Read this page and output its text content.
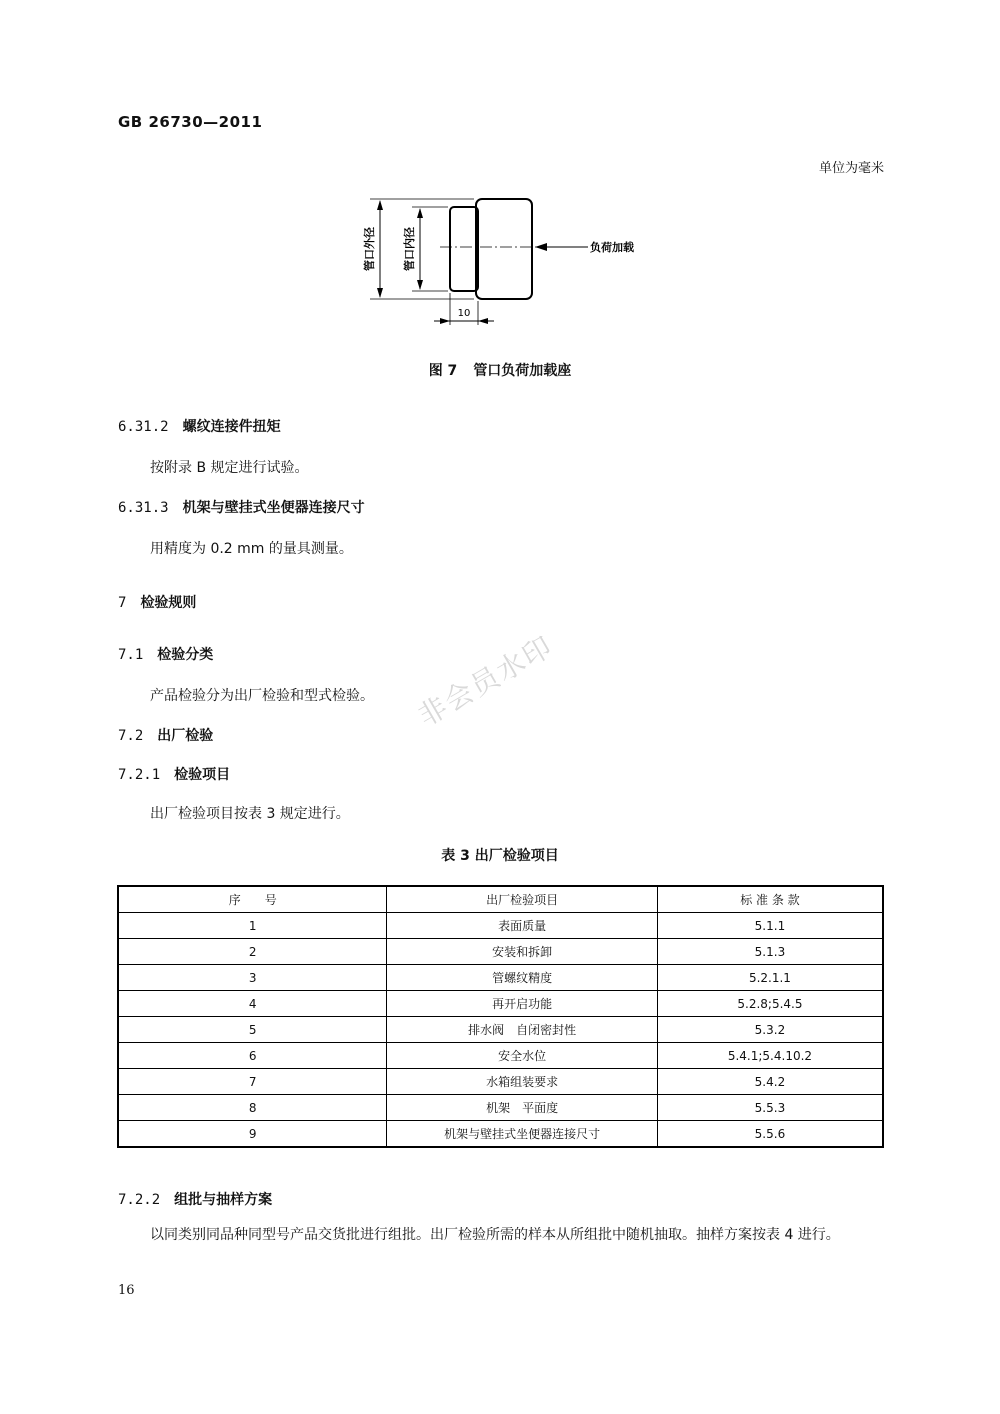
GB 26730—2011
单位为毫米
管口外径 管口内径	负荷加载
10
图 7 管口负荷加载座
6.31.2 螺纹连接件扭矩
按附录 B 规定进行试验。
6.31.3 机架与壁挂式坐便器连接尺寸
用精度为 0.2 mm 的量具测量。
7 检验规则
7.1 检验分类
产品检验分为出厂检验和型式检验。
7.2 出厂检验
7.2.1 检验项目
出厂检验项目按表 3 规定进行。
表 3 出厂检验项目
序　　号	出厂检验项目	标 准 条 款
1	表面质量	5.1.1
2	安装和拆卸	5.1.3
3	管螺纹精度	5.2.1.1
4	再开启功能	5.2.8;5.4.5
5	排水阀　自闭密封性	5.3.2
6	安全水位	5.4.1;5.4.10.2
7	水箱组装要求	5.4.2
8	机架　平面度	5.5.3
9	机架与壁挂式坐便器连接尺寸	5.5.6
7.2.2 组批与抽样方案
以同类别同品种同型号产品交货批进行组批。出厂检验所需的样本从所组批中随机抽取。抽样方案按表 4 进行。
16
非会员水印
